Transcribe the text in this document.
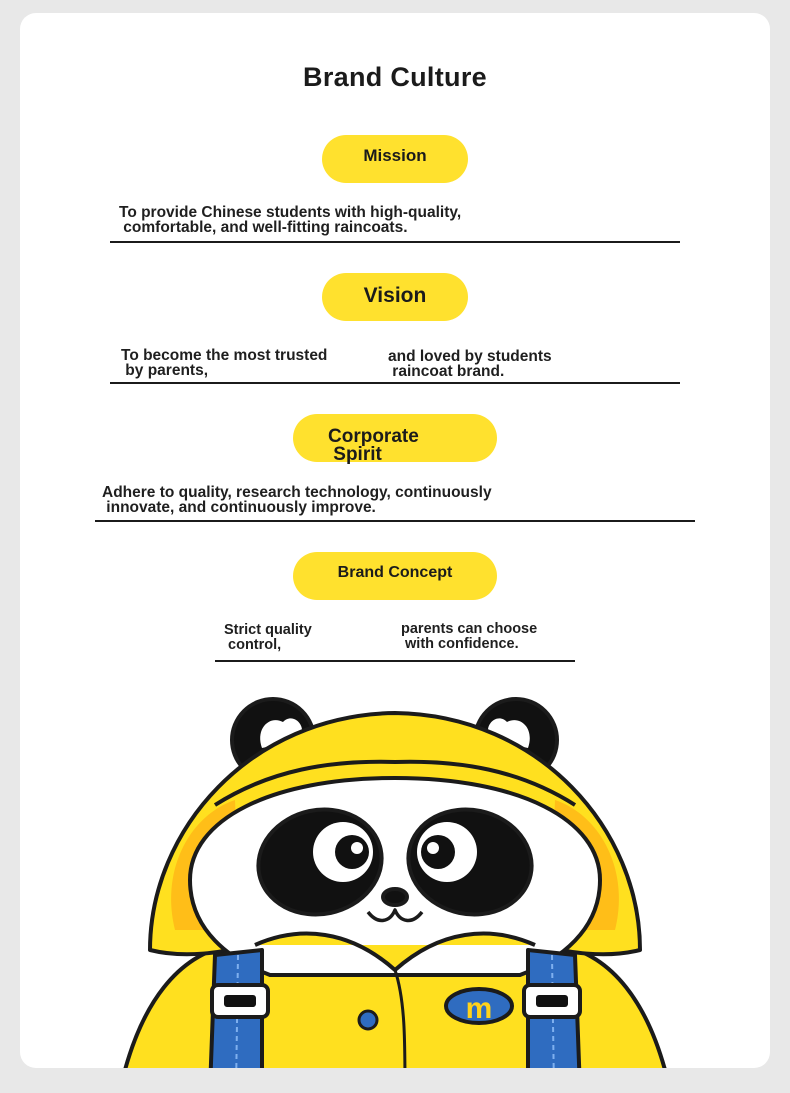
Brand Culture
Mission
To provide Chinese students with high-quality,
comfortable, and well-fitting raincoats.
Vision
To become the most trusted
by parents,
and loved by students
raincoat brand.
Corporate
Spirit
Adhere to quality, research technology, continuously
innovate, and continuously improve.
Brand Concept
Strict quality
control,
parents can choose
with confidence.
m
